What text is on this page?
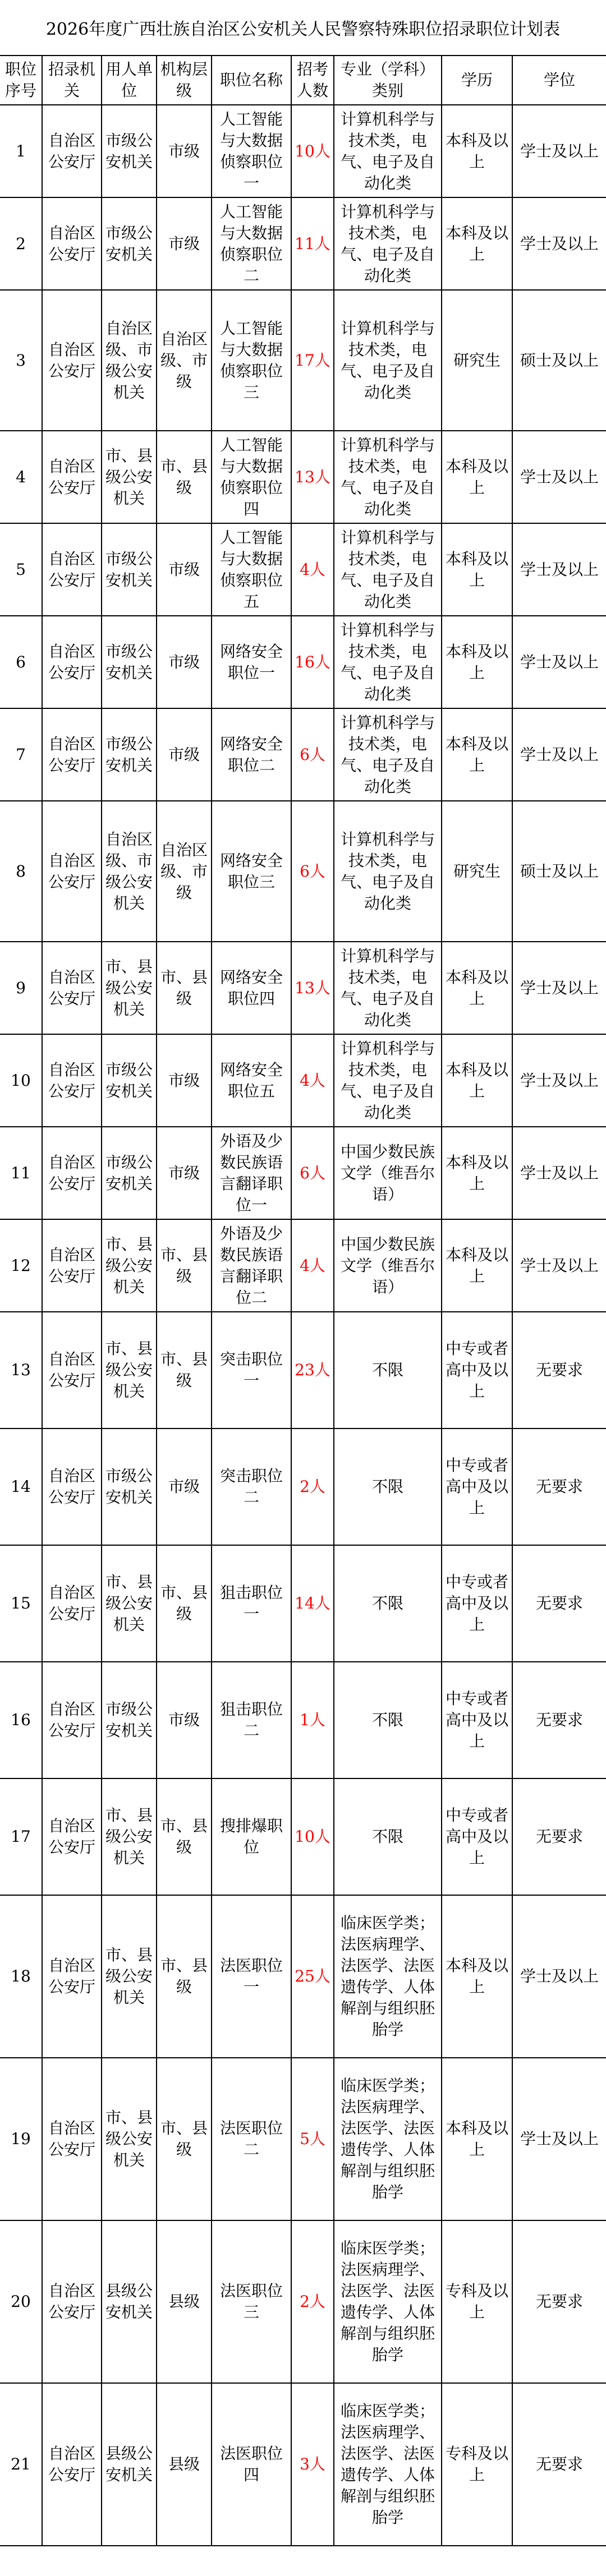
2026年度广西壮族自治区公安机关人民警察特殊职位招录职位计划表
职位序号	招录机关	用人单位	机构层级	职位名称	招考人数	专业（学科）类别	学历	学位
1	自治区公安厅	市级公安机关	市级	人工智能与大数据侦察职位一	10人	计算机科学与技术类，电气、电子及自动化类	本科及以上	学士及以上
2	自治区公安厅	市级公安机关	市级	人工智能与大数据侦察职位二	11人	计算机科学与技术类，电气、电子及自动化类	本科及以上	学士及以上
3	自治区公安厅	自治区级、市级公安机关	自治区级、市级	人工智能与大数据侦察职位三	17人	计算机科学与技术类，电气、电子及自动化类	研究生	硕士及以上
4	自治区公安厅	市、县级公安机关	市、县级	人工智能与大数据侦察职位四	13人	计算机科学与技术类，电气、电子及自动化类	本科及以上	学士及以上
5	自治区公安厅	市级公安机关	市级	人工智能与大数据侦察职位五	4人	计算机科学与技术类，电气、电子及自动化类	本科及以上	学士及以上
6	自治区公安厅	市级公安机关	市级	网络安全职位一	16人	计算机科学与技术类，电气、电子及自动化类	本科及以上	学士及以上
7	自治区公安厅	市级公安机关	市级	网络安全职位二	6人	计算机科学与技术类，电气、电子及自动化类	本科及以上	学士及以上
8	自治区公安厅	自治区级、市级公安机关	自治区级、市级	网络安全职位三	6人	计算机科学与技术类，电气、电子及自动化类	研究生	硕士及以上
9	自治区公安厅	市、县级公安机关	市、县级	网络安全职位四	13人	计算机科学与技术类，电气、电子及自动化类	本科及以上	学士及以上
10	自治区公安厅	市级公安机关	市级	网络安全职位五	4人	计算机科学与技术类，电气、电子及自动化类	本科及以上	学士及以上
11	自治区公安厅	市级公安机关	市级	外语及少数民族语言翻译职位一	6人	中国少数民族文学（维吾尔语）	本科及以上	学士及以上
12	自治区公安厅	市、县级公安机关	市、县级	外语及少数民族语言翻译职位二	4人	中国少数民族文学（维吾尔语）	本科及以上	学士及以上
13	自治区公安厅	市、县级公安机关	市、县级	突击职位一	23人	不限	中专或者高中及以上	无要求
14	自治区公安厅	市级公安机关	市级	突击职位二	2人	不限	中专或者高中及以上	无要求
15	自治区公安厅	市、县级公安机关	市、县级	狙击职位一	14人	不限	中专或者高中及以上	无要求
16	自治区公安厅	市级公安机关	市级	狙击职位二	1人	不限	中专或者高中及以上	无要求
17	自治区公安厅	市、县级公安机关	市、县级	搜排爆职位	10人	不限	中专或者高中及以上	无要求
18	自治区公安厅	市、县级公安机关	市、县级	法医职位一	25人	临床医学类；法医病理学、法医学、法医遗传学、人体解剖与组织胚胎学	本科及以上	学士及以上
19	自治区公安厅	市、县级公安机关	市、县级	法医职位二	5人	临床医学类；法医病理学、法医学、法医遗传学、人体解剖与组织胚胎学	本科及以上	学士及以上
20	自治区公安厅	县级公安机关	县级	法医职位三	2人	临床医学类；法医病理学、法医学、法医遗传学、人体解剖与组织胚胎学	专科及以上	无要求
21	自治区公安厅	县级公安机关	县级	法医职位四	3人	临床医学类；法医病理学、法医学、法医遗传学、人体解剖与组织胚胎学	专科及以上	无要求
